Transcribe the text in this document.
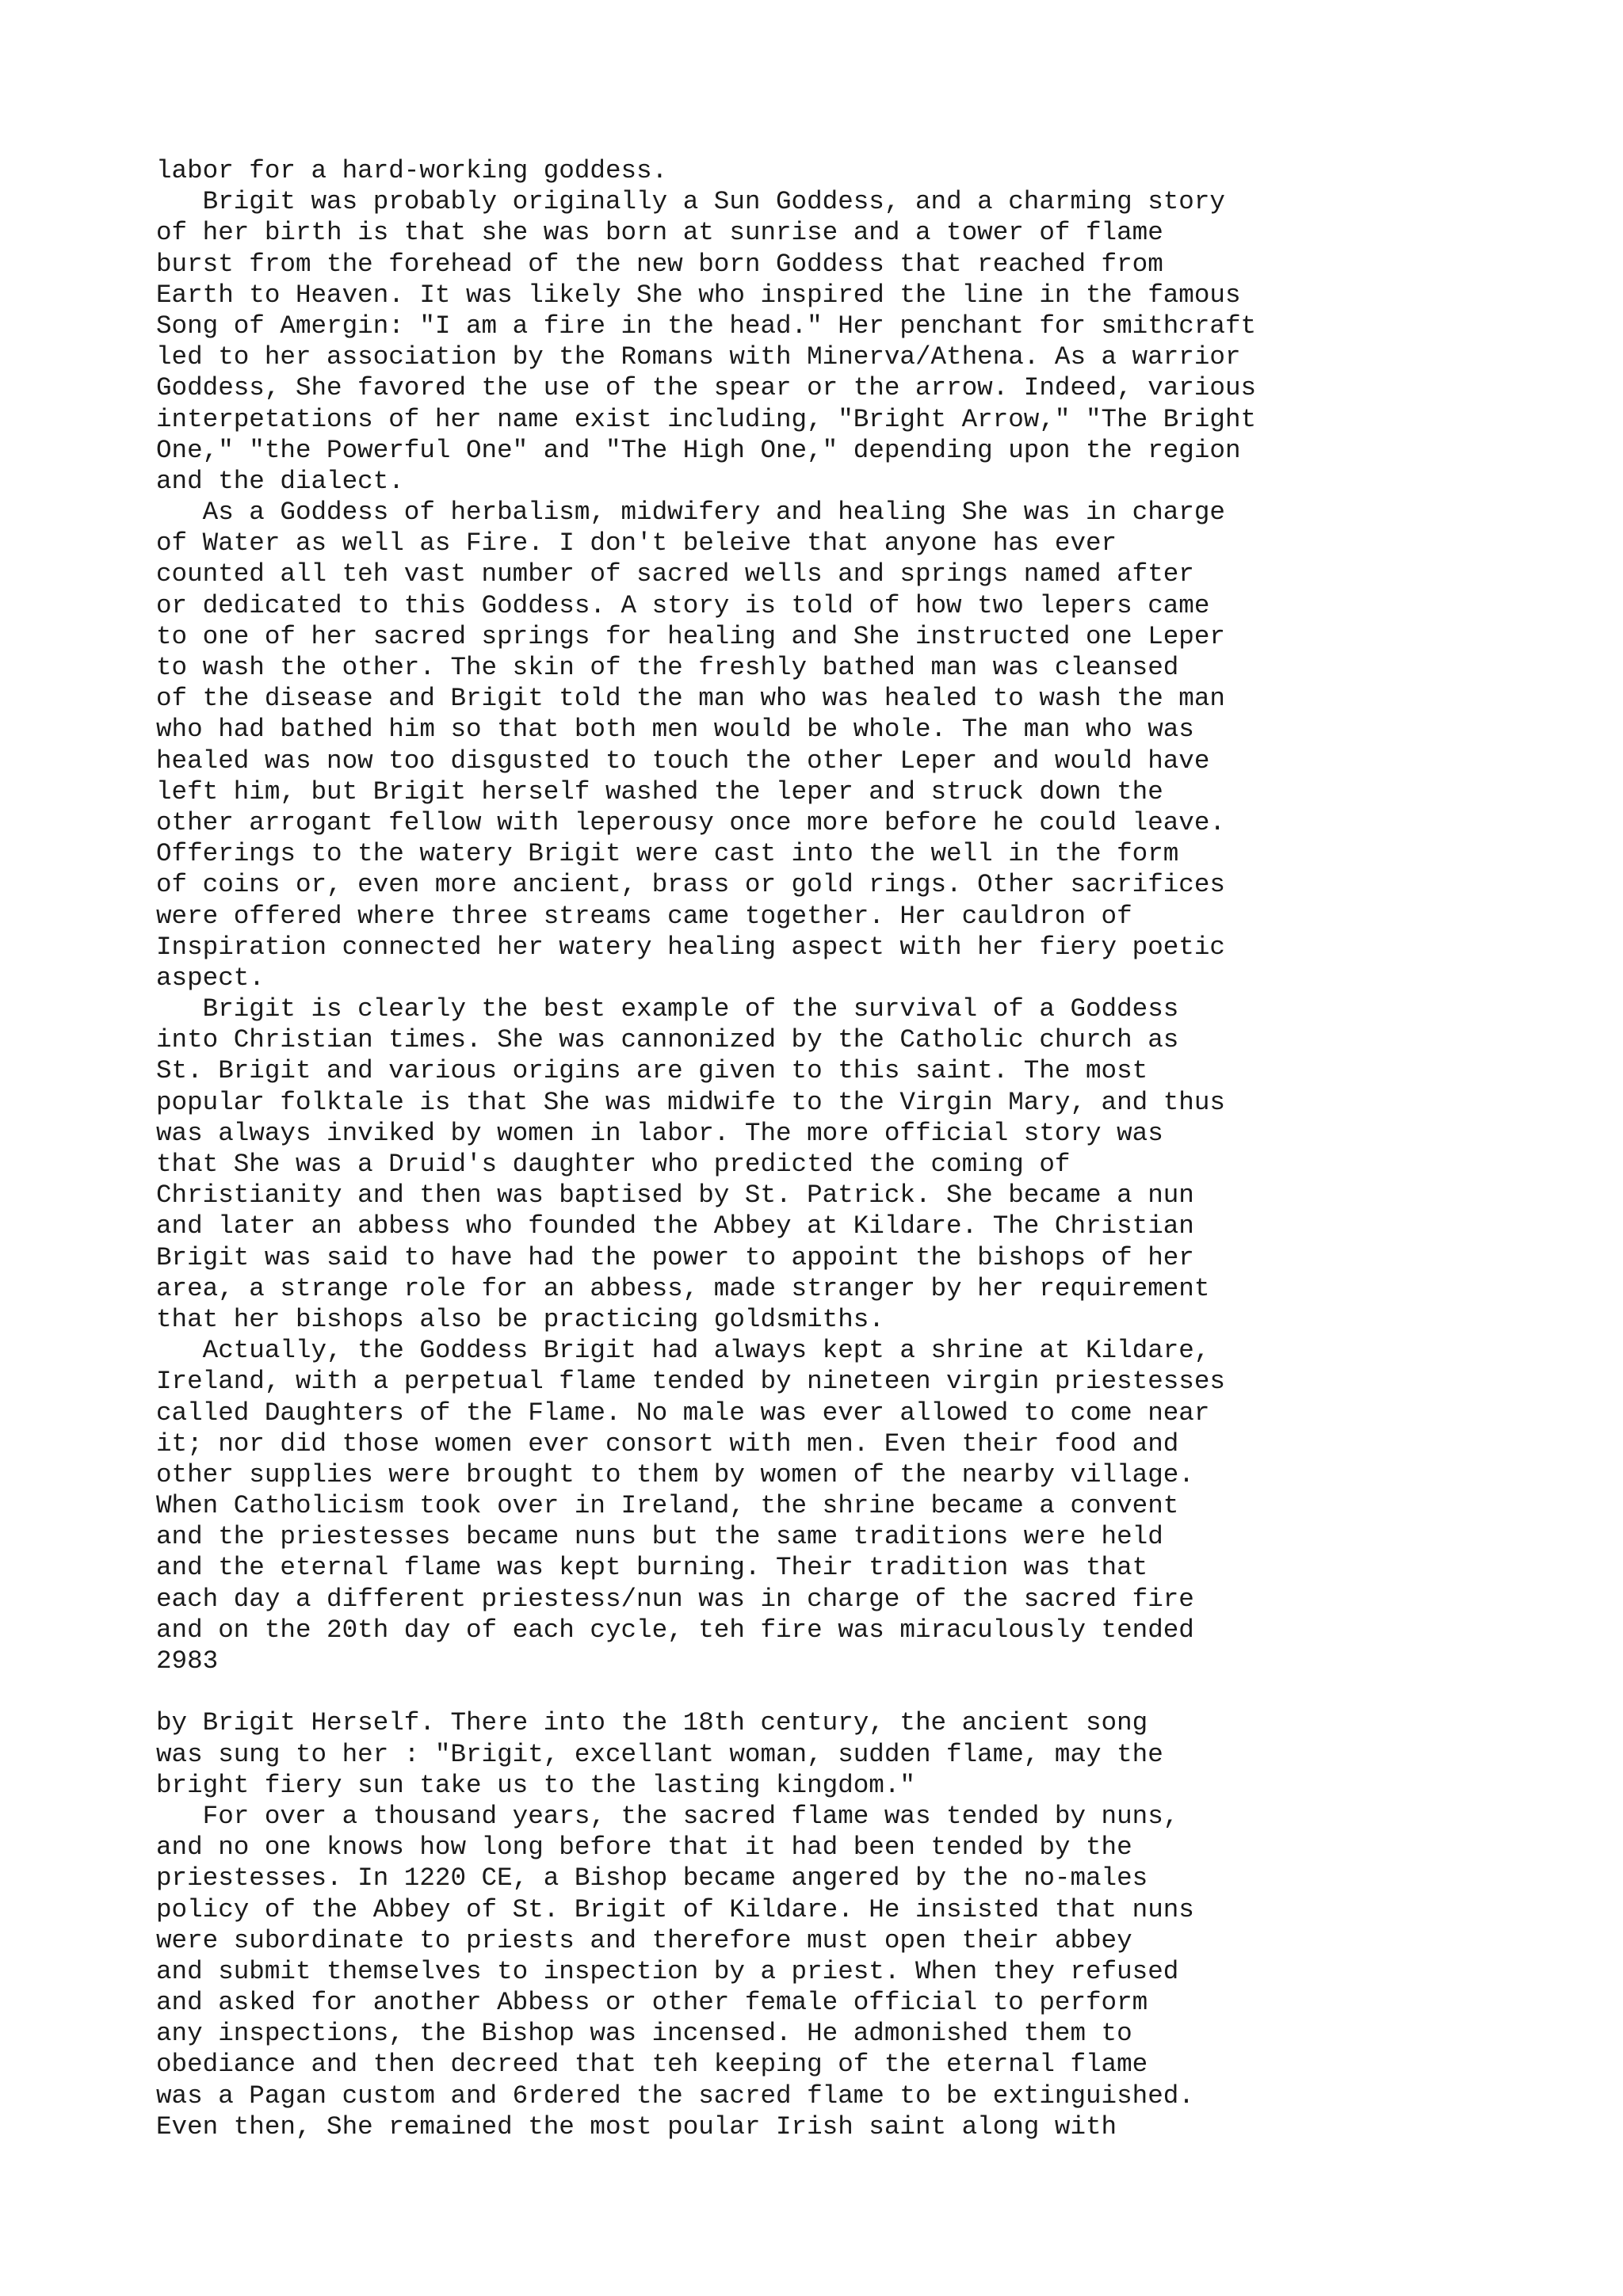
labor for a hard-working goddess.
Brigit was probably originally a Sun Goddess, and a charming story
of her birth is that she was born at sunrise and a tower of flame
burst from the forehead of the new born Goddess that reached from
Earth to Heaven. It was likely She who inspired the line in the famous
Song of Amergin: "I am a fire in the head." Her penchant for smithcraft
led to her association by the Romans with Minerva/Athena. As a warrior
Goddess, She favored the use of the spear or the arrow. Indeed, various
interpetations of her name exist including, "Bright Arrow," "The Bright
One," "the Powerful One" and "The High One," depending upon the region
and the dialect.
As a Goddess of herbalism, midwifery and healing She was in charge
of Water as well as Fire. I don't beleive that anyone has ever
counted all teh vast number of sacred wells and springs named after
or dedicated to this Goddess. A story is told of how two lepers came
to one of her sacred springs for healing and She instructed one Leper
to wash the other. The skin of the freshly bathed man was cleansed
of the disease and Brigit told the man who was healed to wash the man
who had bathed him so that both men would be whole. The man who was
healed was now too disgusted to touch the other Leper and would have
left him, but Brigit herself washed the leper and struck down the
other arrogant fellow with leperousy once more before he could leave.
Offerings to the watery Brigit were cast into the well in the form
of coins or, even more ancient, brass or gold rings. Other sacrifices
were offered where three streams came together. Her cauldron of
Inspiration connected her watery healing aspect with her fiery poetic
aspect.
Brigit is clearly the best example of the survival of a Goddess
into Christian times. She was cannonized by the Catholic church as
St. Brigit and various origins are given to this saint. The most
popular folktale is that She was midwife to the Virgin Mary, and thus
was always inviked by women in labor. The more official story was
that She was a Druid's daughter who predicted the coming of
Christianity and then was baptised by St. Patrick. She became a nun
and later an abbess who founded the Abbey at Kildare. The Christian
Brigit was said to have had the power to appoint the bishops of her
area, a strange role for an abbess, made stranger by her requirement
that her bishops also be practicing goldsmiths.
Actually, the Goddess Brigit had always kept a shrine at Kildare,
Ireland, with a perpetual flame tended by nineteen virgin priestesses
called Daughters of the Flame. No male was ever allowed to come near
it; nor did those women ever consort with men. Even their food and
other supplies were brought to them by women of the nearby village.
When Catholicism took over in Ireland, the shrine became a convent
and the priestesses became nuns but the same traditions were held
and the eternal flame was kept burning. Their tradition was that
each day a different priestess/nun was in charge of the sacred fire
and on the 20th day of each cycle, teh fire was miraculously tended
2983
by Brigit Herself. There into the 18th century, the ancient song
was sung to her : "Brigit, excellant woman, sudden flame, may the
bright fiery sun take us to the lasting kingdom."
For over a thousand years, the sacred flame was tended by nuns,
and no one knows how long before that it had been tended by the
priestesses. In 1220 CE, a Bishop became angered by the no-males
policy of the Abbey of St. Brigit of Kildare. He insisted that nuns
were subordinate to priests and therefore must open their abbey
and submit themselves to inspection by a priest. When they refused
and asked for another Abbess or other female official to perform
any inspections, the Bishop was incensed. He admonished them to
obediance and then decreed that teh keeping of the eternal flame
was a Pagan custom and 6rdered the sacred flame to be extinguished.
Even then, She remained the most poular Irish saint along with
